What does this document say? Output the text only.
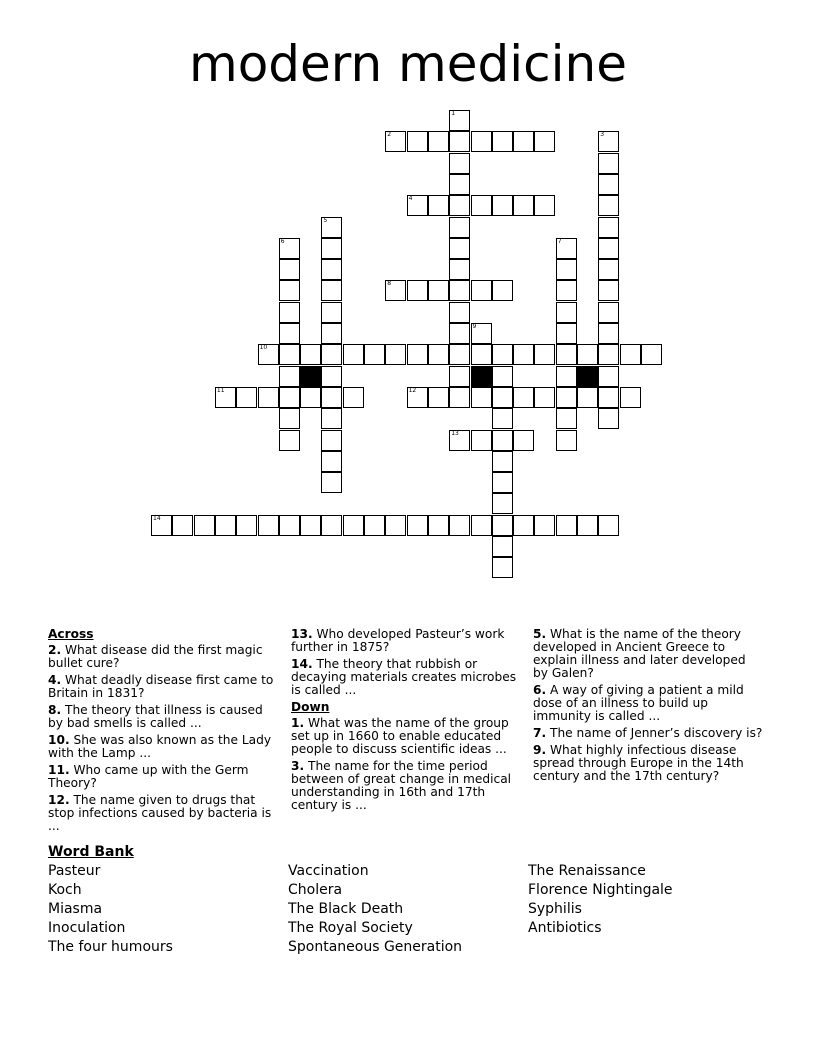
modern medicine
1
2	3
4
5
6	7
8
9
10
11	12
13
14
Across
2. What disease did the first magic bullet cure?
4. What deadly disease first came to Britain in 1831?
8. The theory that illness is caused by bad smells is called ...
10. She was also known as the Lady with the Lamp ...
11. Who came up with the Germ Theory?
12. The name given to drugs that stop infections caused by bacteria is ...
13. Who developed Pasteur’s work further in 1875?
14. The theory that rubbish or decaying materials creates microbes is called ...
Down
1. What was the name of the group set up in 1660 to enable educated people to discuss scientific ideas ...
3. The name for the time period between of great change in medical understanding in 16th and 17th century is ...
5. What is the name of the theory developed in Ancient Greece to explain illness and later developed by Galen?
6. A way of giving a patient a mild dose of an illness to build up immunity is called ...
7. The name of Jenner’s discovery is?
9. What highly infectious disease spread through Europe in the 14th century and the 17th century?
Word Bank
Pasteur
Koch
Miasma
Inoculation
The four humours
Vaccination
Cholera
The Black Death
The Royal Society
Spontaneous Generation
The Renaissance
Florence Nightingale
Syphilis
Antibiotics
